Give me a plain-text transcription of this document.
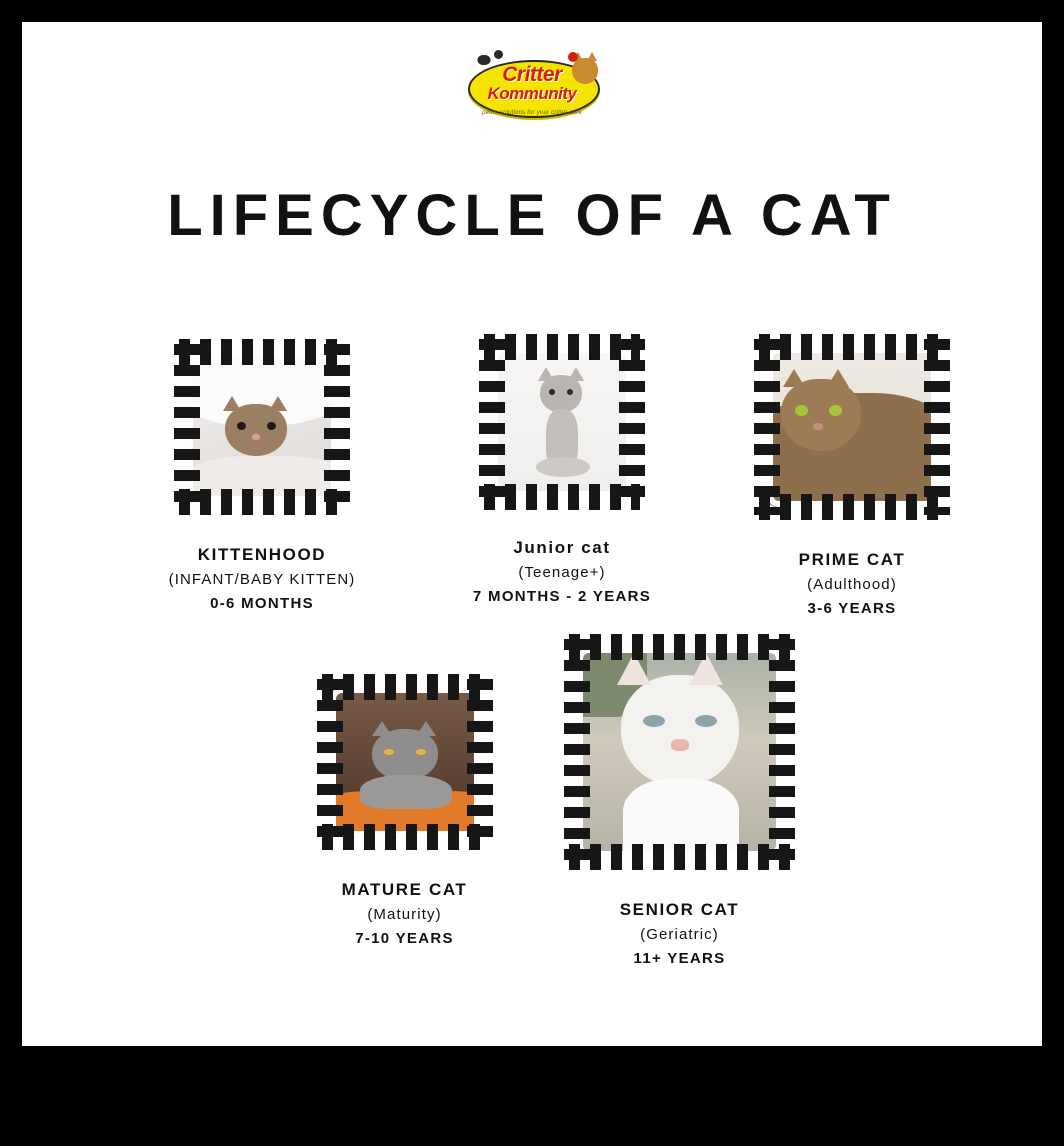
Critter
Kommunity
petite solutions for your critter care
LIFECYCLE OF A CAT
KITTENHOOD
(INFANT/BABY KITTEN)
0-6 MONTHS
Junior cat
(Teenage+)
7 MONTHS - 2 YEARS
PRIME CAT
(Adulthood)
3-6 YEARS
MATURE CAT
(Maturity)
7-10 YEARS
SENIOR CAT
(Geriatric)
11+ YEARS
